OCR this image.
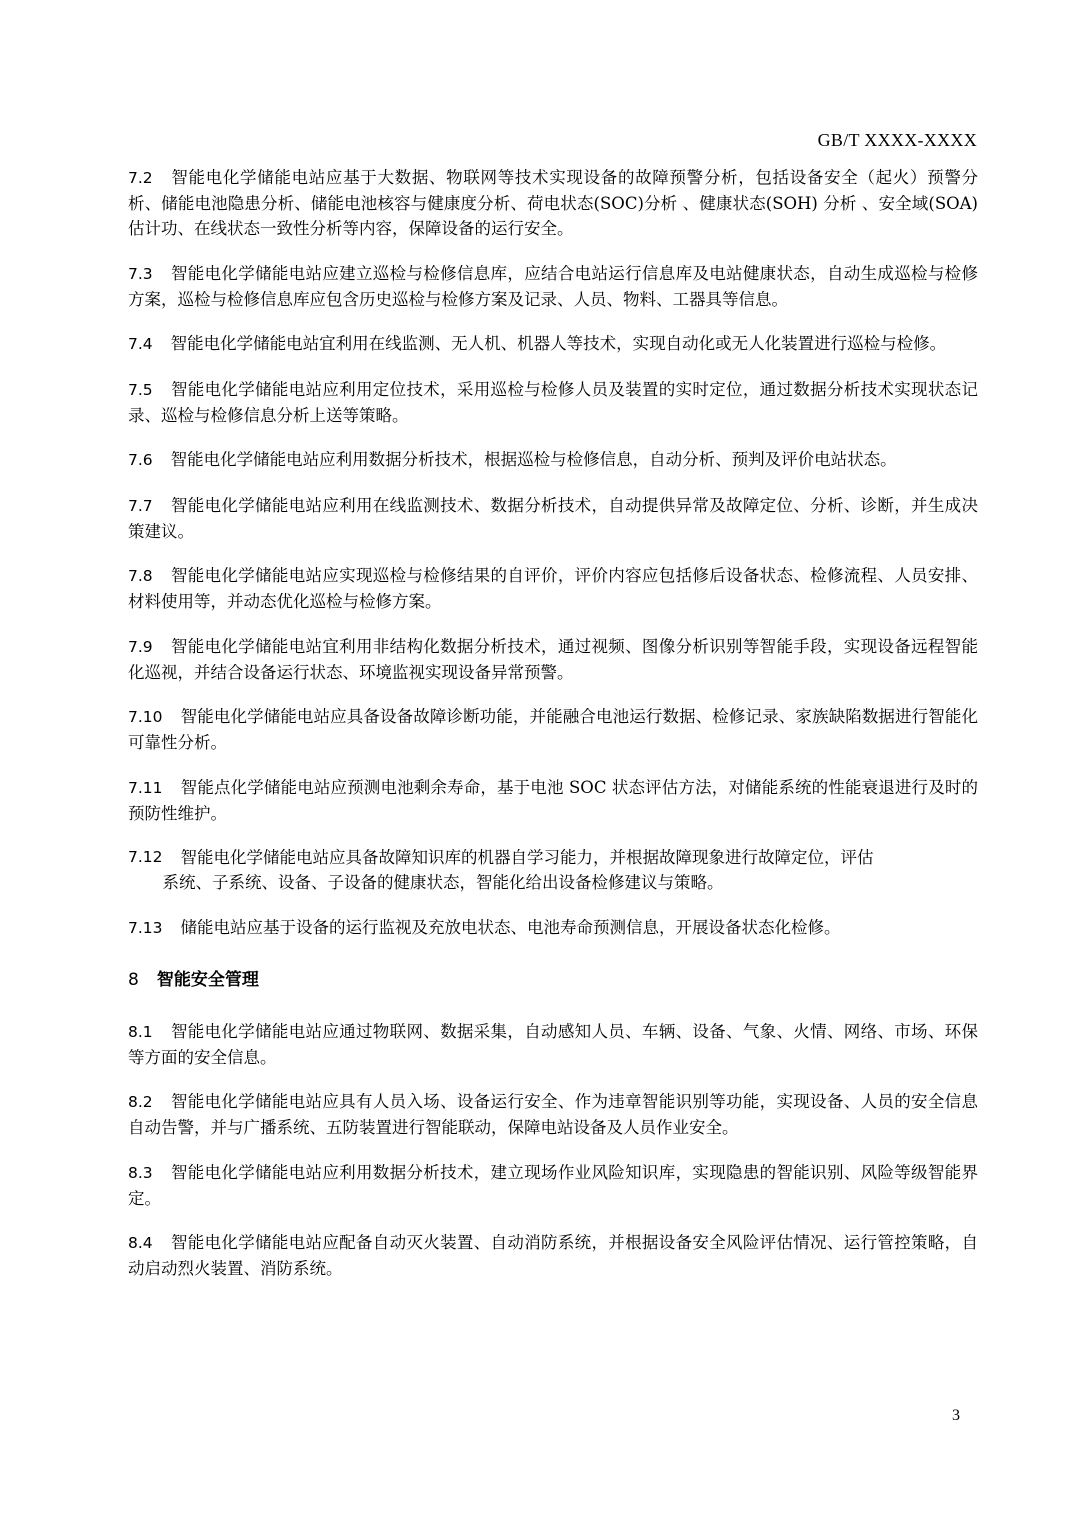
GB/T XXXX-XXXX

7.2 智能电化学储能电站应基于大数据、物联网等技术实现设备的故障预警分析，包括设备安全（起火）预警分析、储能电池隐患分析、储能电池核容与健康度分析、荷电状态(SOC)分析 、健康状态(SOH) 分析 、安全域(SOA)估计功、在线状态一致性分析等内容，保障设备的运行安全。

7.3 智能电化学储能电站应建立巡检与检修信息库，应结合电站运行信息库及电站健康状态，自动生成巡检与检修方案，巡检与检修信息库应包含历史巡检与检修方案及记录、人员、物料、工器具等信息。

7.4 智能电化学储能电站宜利用在线监测、无人机、机器人等技术，实现自动化或无人化装置进行巡检与检修。

7.5 智能电化学储能电站应利用定位技术，采用巡检与检修人员及装置的实时定位，通过数据分析技术实现状态记录、巡检与检修信息分析上送等策略。

7.6 智能电化学储能电站应利用数据分析技术，根据巡检与检修信息，自动分析、预判及评价电站状态。

7.7 智能电化学储能电站应利用在线监测技术、数据分析技术，自动提供异常及故障定位、分析、诊断，并生成决策建议。

7.8 智能电化学储能电站应实现巡检与检修结果的自评价，评价内容应包括修后设备状态、检修流程、人员安排、材料使用等，并动态优化巡检与检修方案。

7.9 智能电化学储能电站宜利用非结构化数据分析技术，通过视频、图像分析识别等智能手段，实现设备远程智能化巡视，并结合设备运行状态、环境监视实现设备异常预警。

7.10 智能电化学储能电站应具备设备故障诊断功能，并能融合电池运行数据、检修记录、家族缺陷数据进行智能化可靠性分析。

7.11 智能点化学储能电站应预测电池剩余寿命，基于电池 SOC 状态评估方法，对储能系统的性能衰退进行及时的预防性维护。

7.12 智能电化学储能电站应具备故障知识库的机器自学习能力，并根据故障现象进行故障定位，评估
系统、子系统、设备、子设备的健康状态，智能化给出设备检修建议与策略。

7.13 储能电站应基于设备的运行监视及充放电状态、电池寿命预测信息，开展设备状态化检修。

8 智能安全管理

8.1 智能电化学储能电站应通过物联网、数据采集，自动感知人员、车辆、设备、气象、火情、网络、市场、环保等方面的安全信息。

8.2 智能电化学储能电站应具有人员入场、设备运行安全、作为违章智能识别等功能，实现设备、人员的安全信息自动告警，并与广播系统、五防装置进行智能联动，保障电站设备及人员作业安全。

8.3 智能电化学储能电站应利用数据分析技术，建立现场作业风险知识库，实现隐患的智能识别、风险等级智能界定。

8.4 智能电化学储能电站应配备自动灭火装置、自动消防系统，并根据设备安全风险评估情况、运行管控策略，自动启动烈火装置、消防系统。

3
